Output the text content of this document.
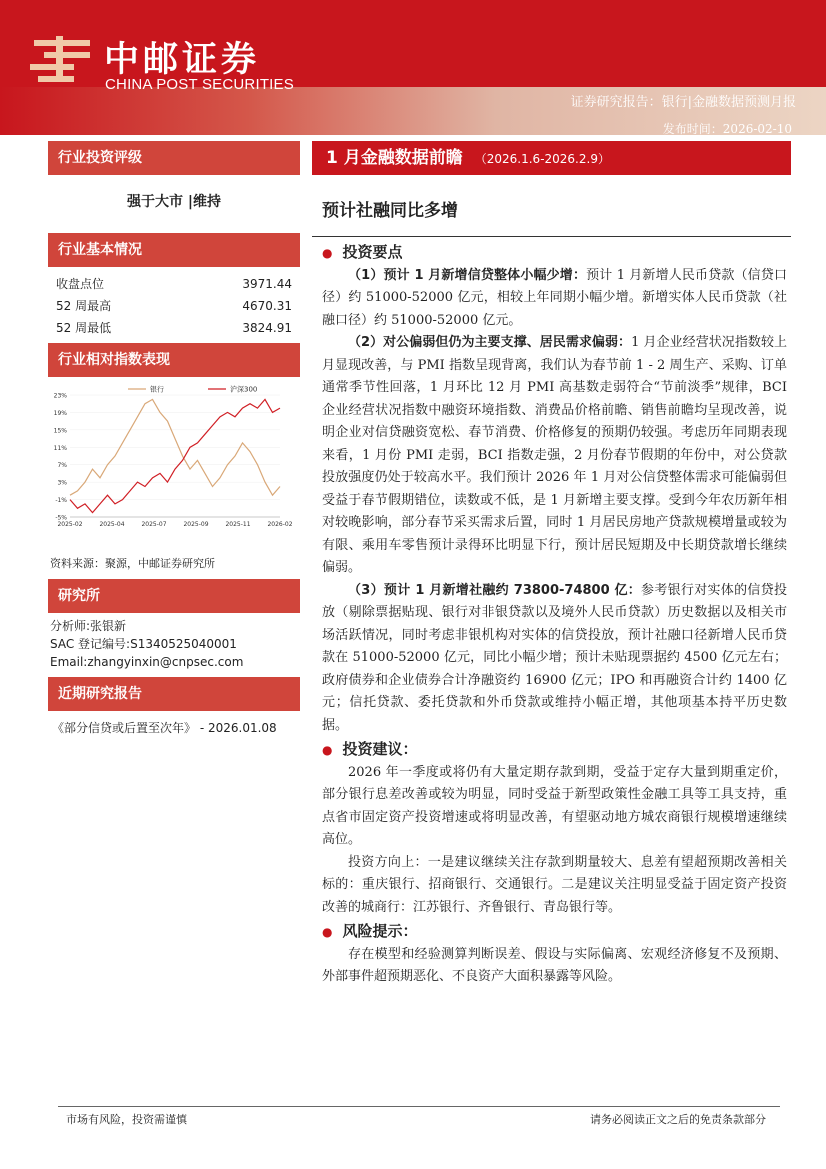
中邮证券
CHINA POST SECURITIES
证券研究报告：银行|金融数据预测月报
发布时间：2026-02-10
行业投资评级
强于大市 |维持
行业基本情况
收盘点位	3971.44
52 周最高	4670.31
52 周最低	3824.91
行业相对指数表现
-5%
-1%
3%
7%
11%
15%
19%
23%
2025-02	2025-04	2025-07	2025-09	2025-11	2026-02
银行	沪深300
资料来源：聚源，中邮证券研究所
研究所

分析师:张银新

SAC 登记编号:S1340525040001

Email:zhangyinxin@cnpsec.com

近期研究报告
《部分信贷或后置至次年》 - 2026.01.08
1 月金融数据前瞻 （2026.1.6-2026.2.9）
预计社融同比多增
● 投资要点

（1）预计 1 月新增信贷整体小幅少增：预计 1 月新增人民币贷款（信贷口径）约 51000-52000 亿元，相较上年同期小幅少增。新增实体人民币贷款（社融口径）约 51000-52000 亿元。

（2）对公偏弱但仍为主要支撑、居民需求偏弱：1 月企业经营状况指数较上月显现改善，与 PMI 指数呈现背离，我们认为春节前 1 - 2 周生产、采购、订单通常季节性回落，1 月环比 12 月 PMI 高基数走弱符合“节前淡季”规律，BCI 企业经营状况指数中融资环境指数、消费品价格前瞻、销售前瞻均呈现改善，说明企业对信贷融资宽松、春节消费、价格修复的预期仍较强。考虑历年同期表现来看，1 月份 PMI 走弱，BCI 指数走强，2 月份春节假期的年份中，对公贷款投放强度仍处于较高水平。我们预计 2026 年 1 月对公信贷整体需求可能偏弱但受益于春节假期错位，读数或不低，是 1 月新增主要支撑。受到今年农历新年相对较晚影响，部分春节采买需求后置，同时 1 月居民房地产贷款规模增量或较为有限、乘用车零售预计录得环比明显下行，预计居民短期及中长期贷款增长继续偏弱。

（3）预计 1 月新增社融约 73800-74800 亿：参考银行对实体的信贷投放（剔除票据贴现、银行对非银贷款以及境外人民币贷款）历史数据以及相关市场活跃情况，同时考虑非银机构对实体的信贷投放，预计社融口径新增人民币贷款在 51000-52000 亿元，同比小幅少增；预计未贴现票据约 4500 亿元左右；政府债券和企业债券合计净融资约 16900 亿元；IPO 和再融资合计约 1400 亿元；信托贷款、委托贷款和外币贷款或维持小幅正增，其他项基本持平历史数据。

● 投资建议：

2026 年一季度或将仍有大量定期存款到期，受益于定存大量到期重定价，部分银行息差改善或较为明显，同时受益于新型政策性金融工具等工具支持，重点省市固定资产投资增速或将明显改善，有望驱动地方城农商银行规模增速继续高位。

投资方向上：一是建议继续关注存款到期量较大、息差有望超预期改善相关标的：重庆银行、招商银行、交通银行。二是建议关注明显受益于固定资产投资改善的城商行：江苏银行、齐鲁银行、青岛银行等。

● 风险提示：

存在模型和经验测算判断误差、假设与实际偏离、宏观经济修复不及预期、外部事件超预期恶化、不良资产大面积暴露等风险。

市场有风险，投资需谨慎	请务必阅读正文之后的免责条款部分
